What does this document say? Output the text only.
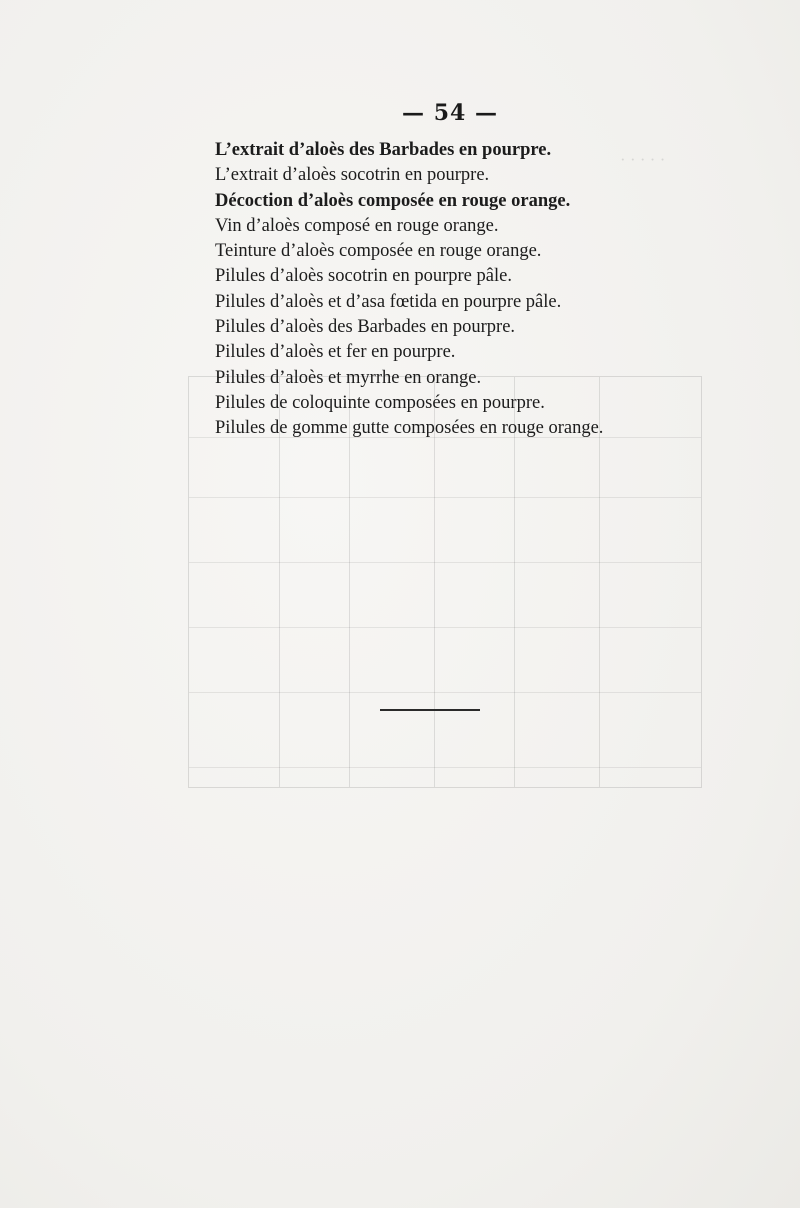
· · · · ·
— 54 —
L’extrait d’aloès des Barbades en pourpre.
L’extrait d’aloès socotrin en pourpre.
Décoction d’aloès composée en rouge orange.
Vin d’aloès composé en rouge orange.
Teinture d’aloès composée en rouge orange.
Pilules d’aloès socotrin en pourpre pâle.
Pilules d’aloès et d’asa fœtida en pourpre pâle.
Pilules d’aloès des Barbades en pourpre.
Pilules d’aloès et fer en pourpre.
Pilules d’aloès et myrrhe en orange.
Pilules de coloquinte composées en pourpre.
Pilules de gomme gutte composées en rouge orange.
